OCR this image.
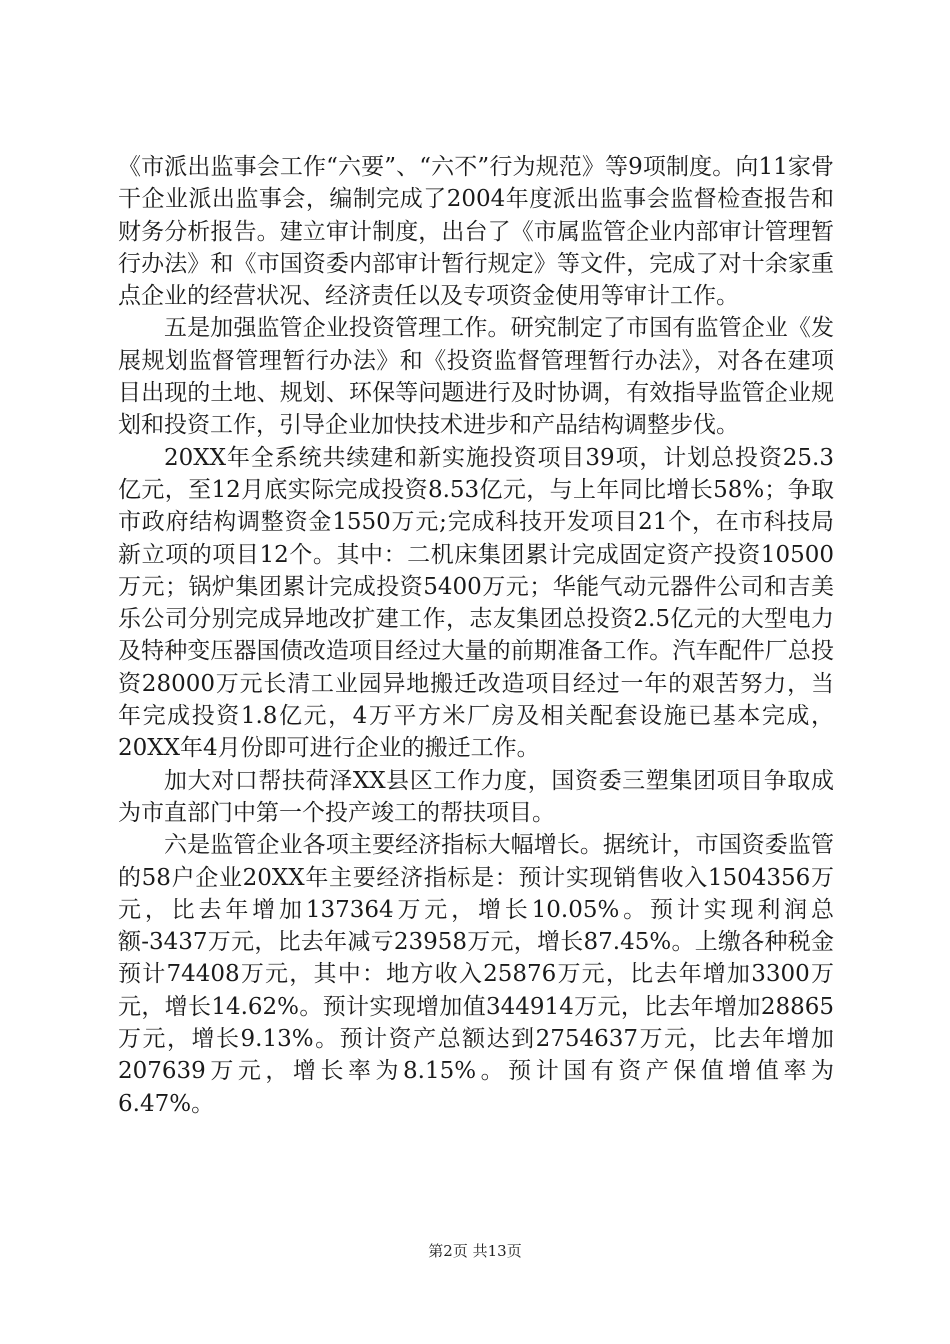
《市派出监事会工作“六要”、“六不”行为规范》等9项制度。向11家骨干企业派出监事会，编制完成了2004年度派出监事会监督检查报告和财务分析报告。建立审计制度，出台了《市属监管企业内部审计管理暂行办法》和《市国资委内部审计暂行规定》等文件，完成了对十余家重点企业的经营状况、经济责任以及专项资金使用等审计工作。

五是加强监管企业投资管理工作。研究制定了市国有监管企业《发展规划监督管理暂行办法》和《投资监督管理暂行办法》，对各在建项目出现的土地、规划、环保等问题进行及时协调，有效指导监管企业规划和投资工作，引导企业加快技术进步和产品结构调整步伐。

20XX年全系统共续建和新实施投资项目39项，计划总投资25.3亿元，至12月底实际完成投资8.53亿元，与上年同比增长58%；争取市政府结构调整资金1550万元;完成科技开发项目21个，在市科技局新立项的项目12个。其中：二机床集团累计完成固定资产投资10500万元；锅炉集团累计完成投资5400万元；华能气动元器件公司和吉美乐公司分别完成异地改扩建工作，志友集团总投资2.5亿元的大型电力及特种变压器国债改造项目经过大量的前期准备工作。汽车配件厂总投资28000万元长清工业园异地搬迁改造项目经过一年的艰苦努力，当年完成投资1.8亿元，4万平方米厂房及相关配套设施已基本完成，20XX年4月份即可进行企业的搬迁工作。

加大对口帮扶荷泽XX县区工作力度，国资委三塑集团项目争取成为市直部门中第一个投产竣工的帮扶项目。

六是监管企业各项主要经济指标大幅增长。据统计，市国资委监管的58户企业20XX年主要经济指标是：预计实现销售收入1504356万元，比去年增加137364万元，增长10.05%。预计实现利润总额-3437万元，比去年减亏23958万元，增长87.45%。上缴各种税金预计74408万元，其中：地方收入25876万元，比去年增加3300万元，增长14.62%。预计实现增加值344914万元，比去年增加28865万元，增长9.13%。预计资产总额达到2754637万元，比去年增加207639万元，增长率为8.15%。预计国有资产保值增值率为6.47%。

第2页 共13页
